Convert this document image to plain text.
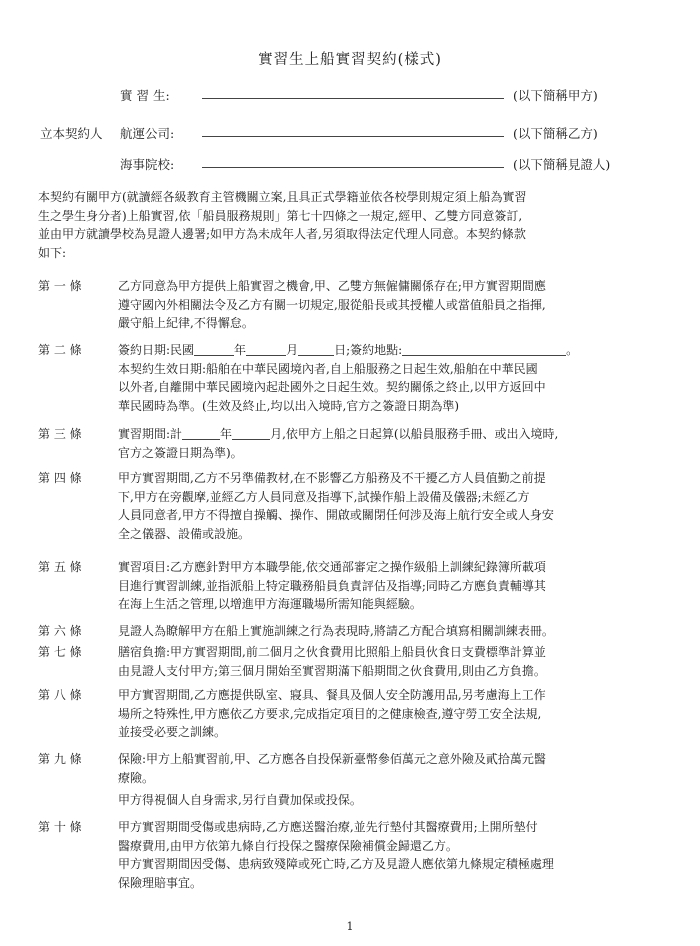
實習生上船實習契約(樣式)
立本契約人
實 習 生:	(以下簡稱甲方)
航運公司:	(以下簡稱乙方)
海事院校:	(以下簡稱見證人)
本契約有關甲方(就讀經各級教育主管機關立案,且具正式學籍並依各校學則規定須上船為實習
生之學生身分者)上船實習,依「船員服務規則」第七十四條之一規定,經甲、乙雙方同意簽訂,
並由甲方就讀學校為見證人邊署;如甲方為未成年人者,另須取得法定代理人同意。本契約條款
如下:
第 一 條	乙方同意為甲方提供上船實習之機會,甲、乙雙方無僱傭關係存在;甲方實習期間應
遵守國內外相關法令及乙方有關一切規定,服從船長或其授權人或當值船員之指揮,
嚴守船上紀律,不得懈怠。
第 二 條	簽約日期:民國	年	月	日;簽約地點:	。
本契約生效日期:船舶在中華民國境內者,自上船服務之日起生效,船舶在中華民國
以外者,自離開中華民國境內起赴國外之日起生效。契約關係之終止,以甲方返回中
華民國時為準。(生效及終止,均以出入境時,官方之簽證日期為準)
第 三 條	實習期間:計	年	月,依甲方上船之日起算(以船員服務手冊、或出入境時,
官方之簽證日期為準)。
第 四 條	甲方實習期間,乙方不另準備教材,在不影響乙方船務及不干擾乙方人員值勤之前提
下,甲方在旁觀摩,並經乙方人員同意及指導下,試操作船上設備及儀器;未經乙方
人員同意者,甲方不得擅自操觸、操作、開啟或關閉任何涉及海上航行安全或人身安
全之儀器、設備或設施。
第 五 條	實習項目:乙方應針對甲方本職學能,依交通部審定之操作級船上訓練紀錄簿所載項
目進行實習訓練,並指派船上特定職務船員負責評估及指導;同時乙方應負責輔導其
在海上生活之管理,以增進甲方海運職場所需知能與經驗。
第 六 條	見證人為瞭解甲方在船上實施訓練之行為表現時,將請乙方配合填寫相關訓練表冊。
第 七 條	膳宿負擔:甲方實習期間,前二個月之伙食費用比照船上船員伙食日支費標準計算並
由見證人支付甲方;第三個月開始至實習期滿下船期間之伙食費用,則由乙方負擔。
第 八 條	甲方實習期間,乙方應提供臥室、寢具、餐具及個人安全防護用品,另考慮海上工作
場所之特殊性,甲方應依乙方要求,完成指定項目的之健康檢查,遵守勞工安全法規,
並接受必要之訓練。
第 九 條	保險:甲方上船實習前,甲、乙方應各自投保新臺幣參佰萬元之意外險及貳拾萬元醫
療險。
甲方得視個人自身需求,另行自費加保或投保。
第 十 條	甲方實習期間受傷或患病時,乙方應送醫治療,並先行墊付其醫療費用;上開所墊付
醫療費用,由甲方依第九條自行投保之醫療保險補償金歸還乙方。
甲方實習期間因受傷、患病致殘障或死亡時,乙方及見證人應依第九條規定積極處理
保險理賠事宜。
1
